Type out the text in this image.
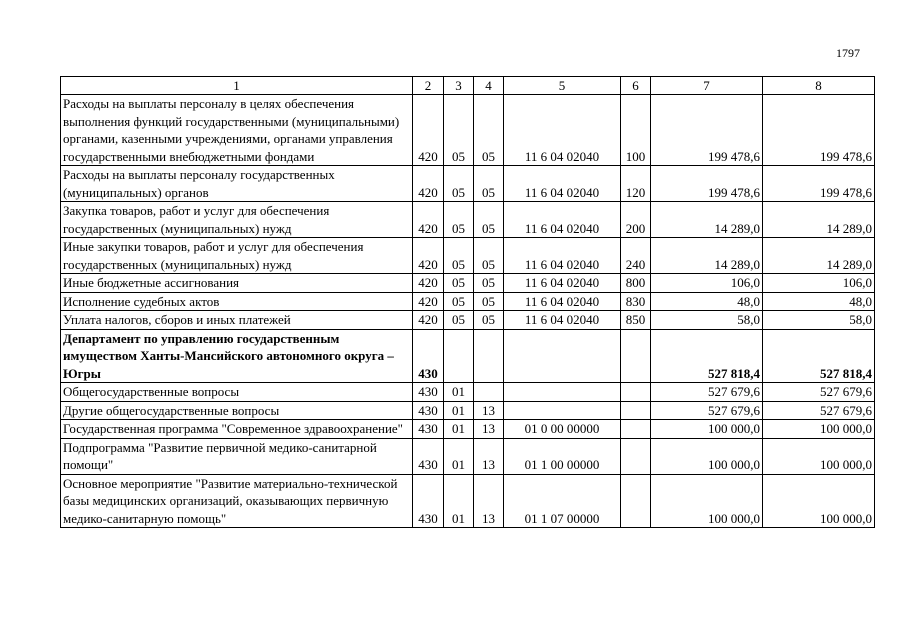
1797
1	2	3	4	5	6	7	8
Расходы на выплаты персоналу в целях обеспечения выполнения функций государственными (муниципальными) органами, казенными учреждениями, органами управления государственными внебюджетными фондами	420	05	05	11 6 04 02040	100	199 478,6	199 478,6
Расходы на выплаты персоналу государственных (муниципальных) органов	420	05	05	11 6 04 02040	120	199 478,6	199 478,6
Закупка товаров, работ и услуг для обеспечения государственных (муниципальных) нужд	420	05	05	11 6 04 02040	200	14 289,0	14 289,0
Иные закупки товаров, работ и услуг для обеспечения государственных (муниципальных) нужд	420	05	05	11 6 04 02040	240	14 289,0	14 289,0
Иные бюджетные ассигнования	420	05	05	11 6 04 02040	800	106,0	106,0
Исполнение судебных актов	420	05	05	11 6 04 02040	830	48,0	48,0
Уплата налогов, сборов и иных платежей	420	05	05	11 6 04 02040	850	58,0	58,0
Департамент по управлению государственным имуществом Ханты-Мансийского автономного округа – Югры	430					527 818,4	527 818,4
Общегосударственные вопросы	430	01				527 679,6	527 679,6
Другие общегосударственные вопросы	430	01	13			527 679,6	527 679,6
Государственная программа "Современное здравоохранение"	430	01	13	01 0 00 00000		100 000,0	100 000,0
Подпрограмма "Развитие первичной медико-санитарной помощи"	430	01	13	01 1 00 00000		100 000,0	100 000,0
Основное мероприятие "Развитие материально-технической базы медицинских организаций, оказывающих первичную медико-санитарную помощь"	430	01	13	01 1 07 00000		100 000,0	100 000,0
